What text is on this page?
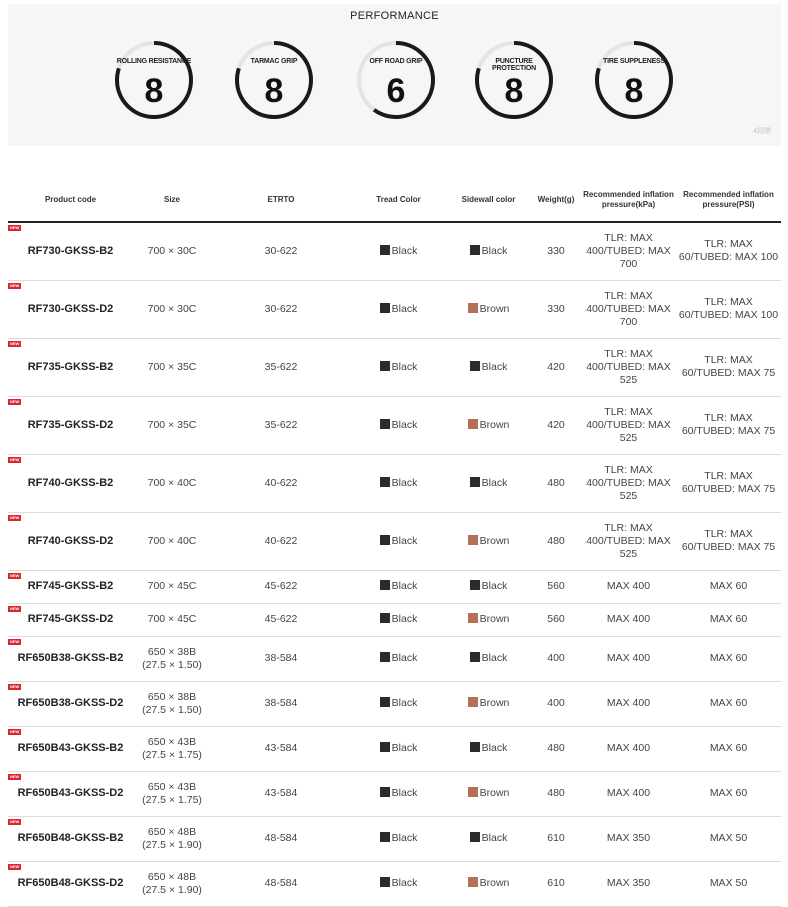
PERFORMANCE
ROLLING RESISTANCE
8
TARMAC GRIP
8
OFF ROAD GRIP
6
PUNCTURE PROTECTION
8
TIRE SUPPLENESS
8
4段階
Product code	Size	ETRTO	Tread Color	Sidewall color	Weight(g)	Recommended inflation pressure(kPa)	Recommended inflation pressure(PSI)

NEW
RF730-GKSS-B2	700 × 30C	30-622	Black	Black	330	TLR: MAX 400/TUBED: MAX 700	TLR: MAX 60/TUBED: MAX 100

NEW
RF730-GKSS-D2	700 × 30C	30-622	Black	Brown	330	TLR: MAX 400/TUBED: MAX 700	TLR: MAX 60/TUBED: MAX 100

NEW
RF735-GKSS-B2	700 × 35C	35-622	Black	Black	420	TLR: MAX 400/TUBED: MAX 525	TLR: MAX 60/TUBED: MAX 75

NEW
RF735-GKSS-D2	700 × 35C	35-622	Black	Brown	420	TLR: MAX 400/TUBED: MAX 525	TLR: MAX 60/TUBED: MAX 75

NEW
RF740-GKSS-B2	700 × 40C	40-622	Black	Black	480	TLR: MAX 400/TUBED: MAX 525	TLR: MAX 60/TUBED: MAX 75

NEW
RF740-GKSS-D2	700 × 40C	40-622	Black	Brown	480	TLR: MAX 400/TUBED: MAX 525	TLR: MAX 60/TUBED: MAX 75

NEW
RF745-GKSS-B2	700 × 45C	45-622	Black	Black	560	MAX 400	MAX 60

NEW
RF745-GKSS-D2	700 × 45C	45-622	Black	Brown	560	MAX 400	MAX 60

NEW
RF650B38-GKSS-B2	650 × 38B (27.5 × 1.50)	38-584	Black	Black	400	MAX 400	MAX 60

NEW
RF650B38-GKSS-D2	650 × 38B (27.5 × 1.50)	38-584	Black	Brown	400	MAX 400	MAX 60

NEW
RF650B43-GKSS-B2	650 × 43B (27.5 × 1.75)	43-584	Black	Black	480	MAX 400	MAX 60

NEW
RF650B43-GKSS-D2	650 × 43B (27.5 × 1.75)	43-584	Black	Brown	480	MAX 400	MAX 60

NEW
RF650B48-GKSS-B2	650 × 48B (27.5 × 1.90)	48-584	Black	Black	610	MAX 350	MAX 50

NEW
RF650B48-GKSS-D2	650 × 48B (27.5 × 1.90)	48-584	Black	Brown	610	MAX 350	MAX 50
